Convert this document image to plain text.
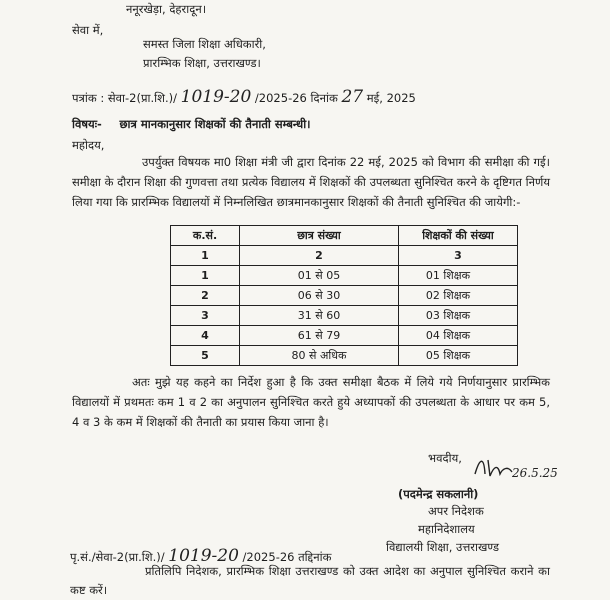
ननूरखेड़ा, देहरादून।
सेवा में,
समस्त जिला शिक्षा अधिकारी,
प्रारम्भिक शिक्षा, उत्तराखण्ड।
पत्रांक : सेवा-2(प्रा.शि.)/ 1019-20 /2025-26 दिनांक 27 मई, 2025
विषयः- छात्र मानकानुसार शिक्षकों की तैनाती सम्बन्धी।
महोदय,
उपर्युक्त विषयक मा0 शिक्षा मंत्री जी द्वारा दिनांक 22 मई, 2025 को विभाग की समीक्षा की गई। समीक्षा के दौरान शिक्षा की गुणवत्ता तथा प्रत्येक विद्यालय में शिक्षकों की उपलब्धता सुनिश्चित करने के दृष्टिगत निर्णय लिया गया कि प्रारम्भिक विद्यालयों में निम्नलिखित छात्रमानकानुसार शिक्षकों की तैनाती सुनिश्चित की जायेगी:-
क.सं.	छात्र संख्या	शिक्षकों की संख्या
1	2	3
1	01 से 05	01 शिक्षक
2	06 से 30	02 शिक्षक
3	31 से 60	03 शिक्षक
4	61 से 79	04 शिक्षक
5	80 से अधिक	05 शिक्षक
अतः मुझे यह कहने का निर्देश हुआ है कि उक्त समीक्षा बैठक में लिये गये निर्णयानुसार प्रारम्भिक विद्यालयों में प्रथमतः कम 1 व 2 का अनुपालन सुनिश्चित करते हुये अध्यापकों की उपलब्धता के आधार पर कम 5, 4 व 3 के कम में शिक्षकों की तैनाती का प्रयास किया जाना है।
भवदीय,
26.5.25
(पदमेन्द्र सकलानी)
अपर निदेशक
महानिदेशालय
विद्यालयी शिक्षा, उत्तराखण्ड
पृ.सं./सेवा-2(प्रा.शि.)/ 1019-20 /2025-26 तद्दिनांक
प्रतिलिपि निदेशक, प्रारम्भिक शिक्षा उत्तराखण्ड को उक्त आदेश का अनुपाल सुनिश्चित कराने का कष्ट करें।
